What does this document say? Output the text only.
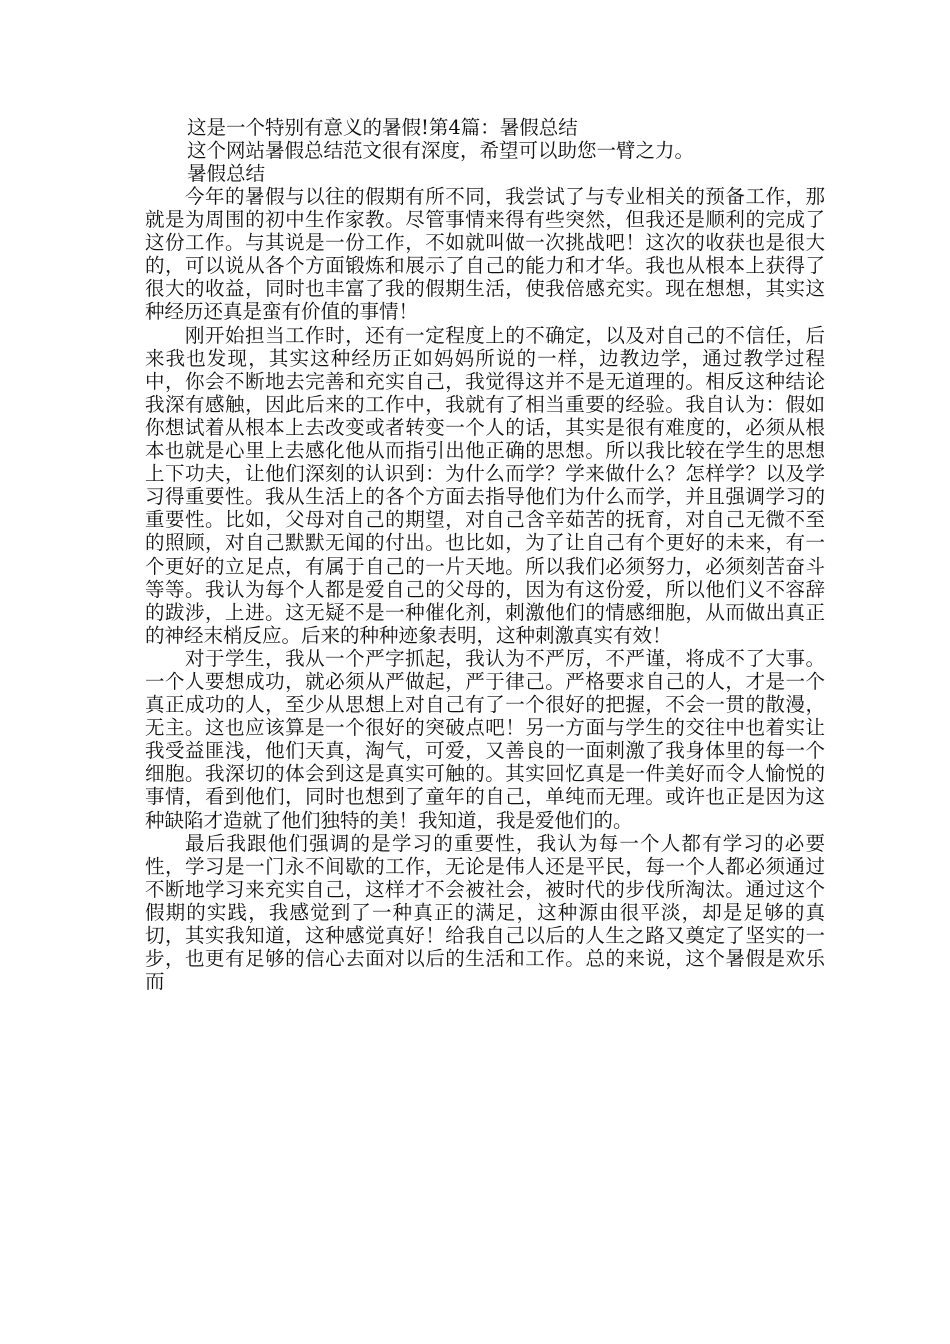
这是一个特别有意义的暑假!第4篇：暑假总结

这个网站暑假总结范文很有深度，希望可以助您一臂之力。

暑假总结

今年的暑假与以往的假期有所不同，我尝试了与专业相关的预备工作，那就是为周围的初中生作家教。尽管事情来得有些突然，但我还是顺利的完成了这份工作。与其说是一份工作，不如就叫做一次挑战吧！这次的收获也是很大的，可以说从各个方面锻炼和展示了自己的能力和才华。我也从根本上获得了很大的收益，同时也丰富了我的假期生活，使我倍感充实。现在想想，其实这种经历还真是蛮有价值的事情！

刚开始担当工作时，还有一定程度上的不确定，以及对自己的不信任，后来我也发现，其实这种经历正如妈妈所说的一样，边教边学，通过教学过程中，你会不断地去完善和充实自己，我觉得这并不是无道理的。相反这种结论我深有感触，因此后来的工作中，我就有了相当重要的经验。我自认为：假如你想试着从根本上去改变或者转变一个人的话，其实是很有难度的，必须从根本也就是心里上去感化他从而指引出他正确的思想。所以我比较在学生的思想上下功夫，让他们深刻的认识到：为什么而学？学来做什么？怎样学？以及学习得重要性。我从生活上的各个方面去指导他们为什么而学，并且强调学习的重要性。比如，父母对自己的期望，对自己含辛茹苦的抚育，对自己无微不至的照顾，对自己默默无闻的付出。也比如，为了让自己有个更好的未来，有一个更好的立足点，有属于自己的一片天地。所以我们必须努力，必须刻苦奋斗等等。我认为每个人都是爱自己的父母的，因为有这份爱，所以他们义不容辞的跋涉，上进。这无疑不是一种催化剂，刺激他们的情感细胞，从而做出真正的神经末梢反应。后来的种种迹象表明，这种刺激真实有效！

对于学生，我从一个严字抓起，我认为不严厉，不严谨，将成不了大事。一个人要想成功，就必须从严做起，严于律己。严格要求自己的人，才是一个真正成功的人，至少从思想上对自己有了一个很好的把握，不会一贯的散漫，无主。这也应该算是一个很好的突破点吧！另一方面与学生的交往中也着实让我受益匪浅，他们天真，淘气，可爱，又善良的一面刺激了我身体里的每一个细胞。我深切的体会到这是真实可触的。其实回忆真是一件美好而令人愉悦的事情，看到他们，同时也想到了童年的自己，单纯而无理。或许也正是因为这种缺陷才造就了他们独特的美！我知道，我是爱他们的。

最后我跟他们强调的是学习的重要性，我认为每一个人都有学习的必要性，学习是一门永不间歇的工作，无论是伟人还是平民，每一个人都必须通过不断地学习来充实自己，这样才不会被社会，被时代的步伐所淘汰。通过这个假期的实践，我感觉到了一种真正的满足，这种源由很平淡，却是足够的真切，其实我知道，这种感觉真好！给我自己以后的人生之路又奠定了坚实的一步，也更有足够的信心去面对以后的生活和工作。总的来说，这个暑假是欢乐而
